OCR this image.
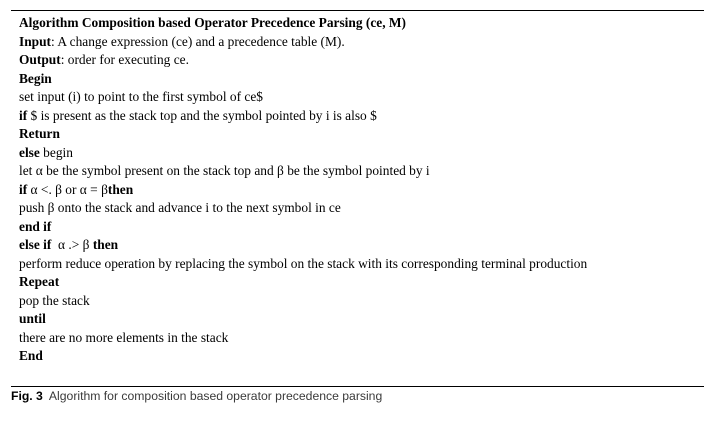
Algorithm Composition based Operator Precedence Parsing (ce, M)
Input: A change expression (ce) and a precedence table (M).
Output: order for executing ce.
Begin
set input (i) to point to the first symbol of ce$
if $ is present as the stack top and the symbol pointed by i is also $
Return
else begin
let α be the symbol present on the stack top and β be the symbol pointed by i
if α <. β or α = βthen
push β onto the stack and advance i to the next symbol in ce
end if
else if  α .> β then
perform reduce operation by replacing the symbol on the stack with its corresponding terminal production
Repeat
pop the stack
until
there are no more elements in the stack
End
Fig. 3  Algorithm for composition based operator precedence parsing
